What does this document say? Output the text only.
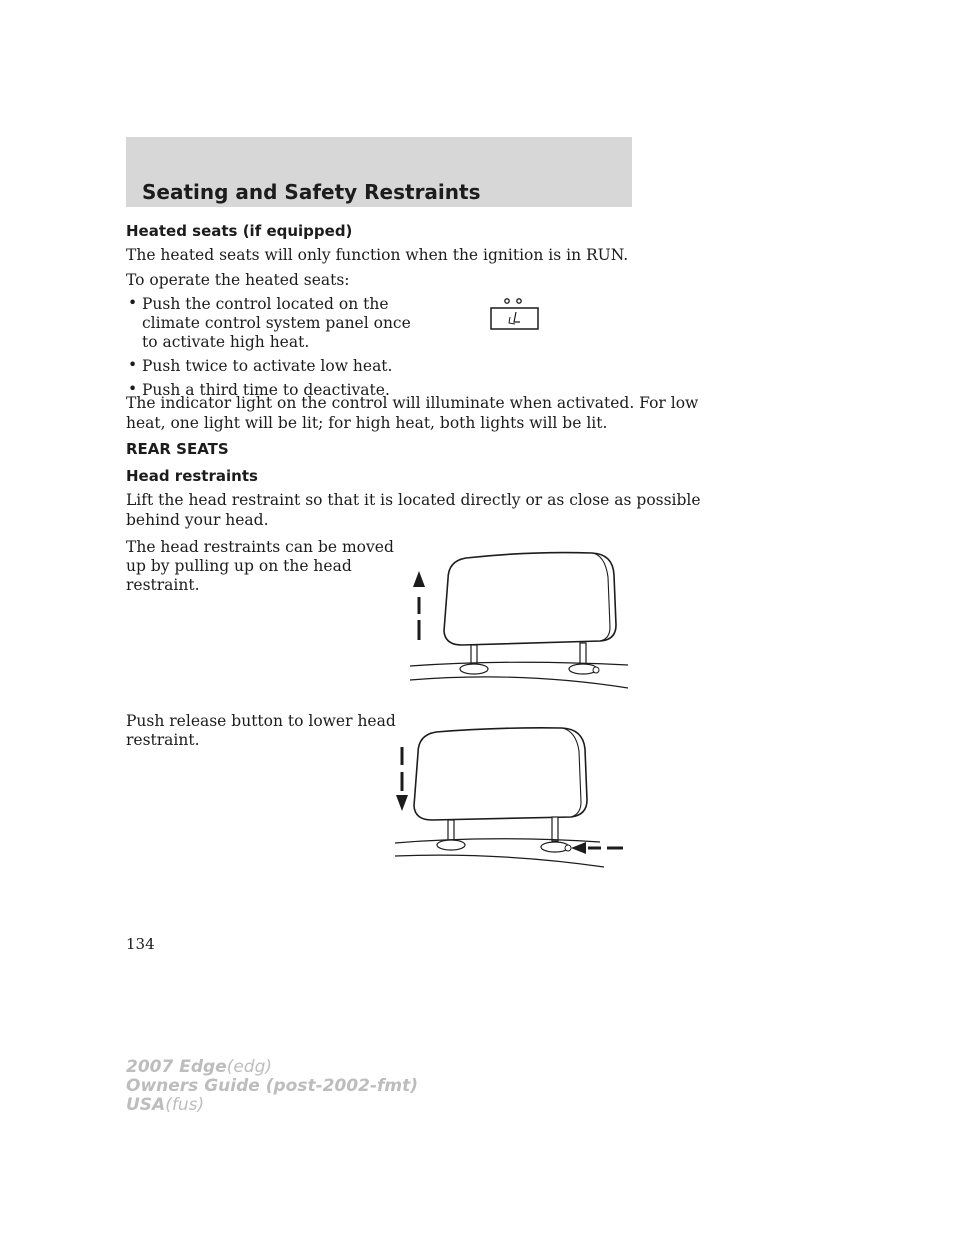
Seating and Safety Restraints
Heated seats (if equipped)
The heated seats will only function when the ignition is in RUN.
To operate the heated seats:
• Push the control located on the
climate control system panel once
to activate high heat.
• Push twice to activate low heat.
• Push a third time to deactivate.
The indicator light on the control will illuminate when activated. For low
heat, one light will be lit; for high heat, both lights will be lit.
REAR SEATS
Head restraints
Lift the head restraint so that it is located directly or as close as possible
behind your head.
The head restraints can be moved
up by pulling up on the head
restraint.
Push release button to lower head
restraint.
134
2007 Edge(edg)
Owners Guide (post-2002-fmt)
USA(fus)
